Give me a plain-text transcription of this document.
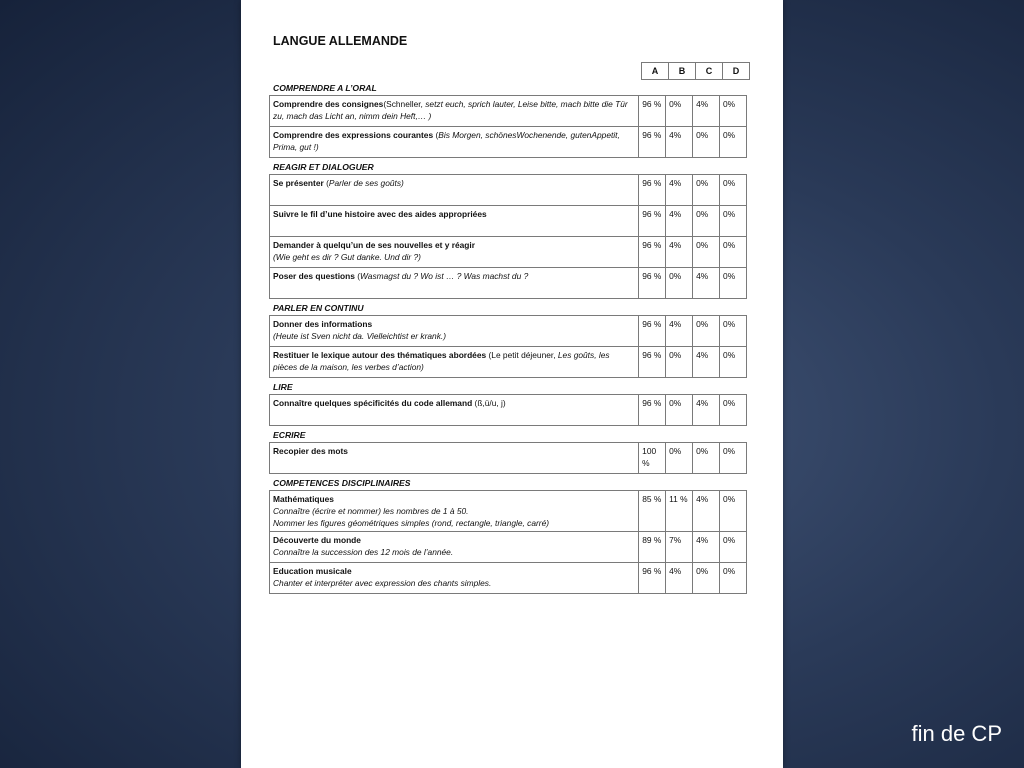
LANGUE ALLEMANDE
A	B	C	D
COMPRENDRE A L’ORAL
Comprendre des consignes(Schneller, setzt euch, sprich lauter, Leise bitte, mach bitte die Tür zu, mach das Licht an, nimm dein Heft,… )	96 %	0%	4%	0%
Comprendre des expressions courantes (Bis Morgen, schönesWochenende, gutenAppetit, Prima, gut !)	96 %	4%	0%	0%
REAGIR ET DIALOGUER
Se présenter (Parler de ses goûts)	96 %	4%	0%	0%
Suivre le fil d’une histoire avec des aides appropriées	96 %	4%	0%	0%
Demander à quelqu’un de ses nouvelles et y réagir
(Wie geht es dir ? Gut danke. Und dir ?)	96 %	4%	0%	0%
Poser des questions (Wasmagst du ? Wo ist … ? Was machst du ?	96 %	0%	4%	0%
PARLER EN CONTINU
Donner des informations
(Heute ist Sven nicht da. Vielleichtist er krank.)	96 %	4%	0%	0%
Restituer le lexique autour des thématiques abordées (Le petit déjeuner, Les goûts, les pièces de la maison, les verbes d’action)	96 %	0%	4%	0%
LIRE
Connaître quelques spécificités du code allemand (ß,ü/u, j)	96 %	0%	4%	0%
ECRIRE
Recopier des mots	100 %	0%	0%	0%
COMPETENCES DISCIPLINAIRES
Mathématiques
Connaître (écrire et nommer) les nombres de 1 à 50.
Nommer les figures géométriques simples (rond, rectangle, triangle, carré)	85 %	11 %	4%	0%
Découverte du monde
Connaître la succession des 12 mois de l’année.	89 %	7%	4%	0%
Education musicale
Chanter et interpréter avec expression des chants simples.	96 %	4%	0%	0%
fin de CP
